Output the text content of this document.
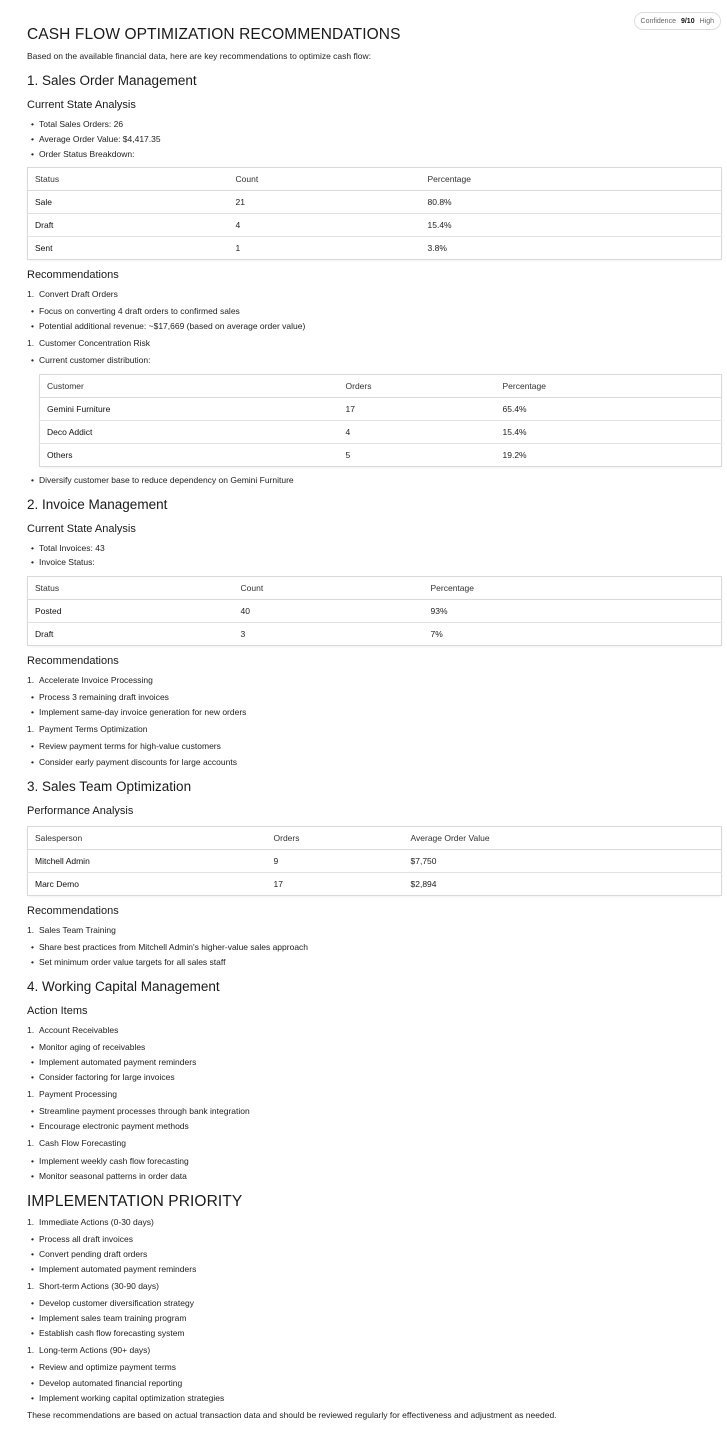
Confidence 9/10 High
CASH FLOW OPTIMIZATION RECOMMENDATIONS
Based on the available financial data, here are key recommendations to optimize cash flow:
1. Sales Order Management
Current State Analysis
• Total Sales Orders: 26
• Average Order Value: $4,417.35
• Order Status Breakdown:
Status	Count	Percentage
Sale	21	80.8%
Draft	4	15.4%
Sent	1	3.8%
Recommendations
1. Convert Draft Orders
• Focus on converting 4 draft orders to confirmed sales
• Potential additional revenue: ~$17,669 (based on average order value)
1. Customer Concentration Risk
• Current customer distribution:
Customer	Orders	Percentage
Gemini Furniture	17	65.4%
Deco Addict	4	15.4%
Others	5	19.2%
• Diversify customer base to reduce dependency on Gemini Furniture
2. Invoice Management
Current State Analysis
• Total Invoices: 43
• Invoice Status:
Status	Count	Percentage
Posted	40	93%
Draft	3	7%
Recommendations
1. Accelerate Invoice Processing
• Process 3 remaining draft invoices
• Implement same-day invoice generation for new orders
1. Payment Terms Optimization
• Review payment terms for high-value customers
• Consider early payment discounts for large accounts
3. Sales Team Optimization
Performance Analysis
Salesperson	Orders	Average Order Value
Mitchell Admin	9	$7,750
Marc Demo	17	$2,894
Recommendations
1. Sales Team Training
• Share best practices from Mitchell Admin's higher-value sales approach
• Set minimum order value targets for all sales staff
4. Working Capital Management
Action Items
1. Account Receivables
• Monitor aging of receivables
• Implement automated payment reminders
• Consider factoring for large invoices
1. Payment Processing
• Streamline payment processes through bank integration
• Encourage electronic payment methods
1. Cash Flow Forecasting
• Implement weekly cash flow forecasting
• Monitor seasonal patterns in order data
IMPLEMENTATION PRIORITY
1. Immediate Actions (0-30 days)
• Process all draft invoices
• Convert pending draft orders
• Implement automated payment reminders
1. Short-term Actions (30-90 days)
• Develop customer diversification strategy
• Implement sales team training program
• Establish cash flow forecasting system
1. Long-term Actions (90+ days)
• Review and optimize payment terms
• Develop automated financial reporting
• Implement working capital optimization strategies
These recommendations are based on actual transaction data and should be reviewed regularly for effectiveness and adjustment as needed.
